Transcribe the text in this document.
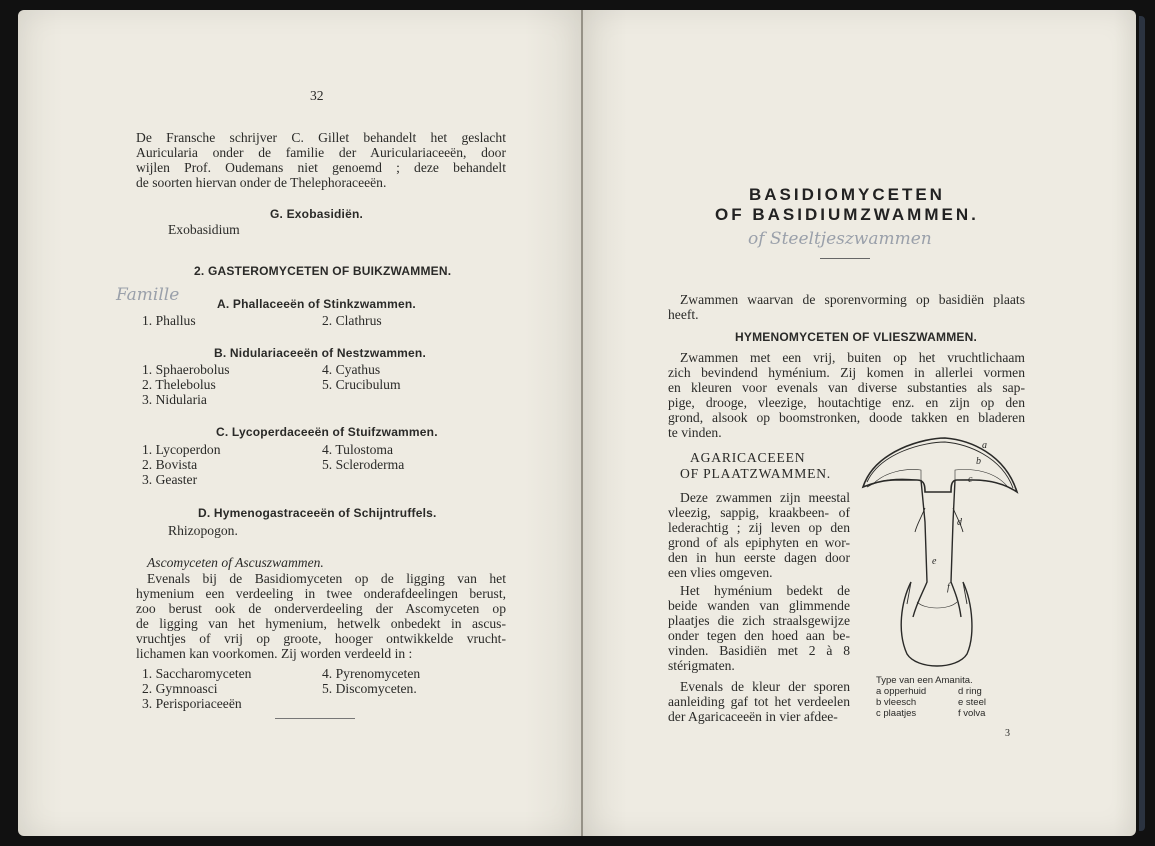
32
De Fransche schrijver C. Gillet behandelt het geslacht
Auricularia onder de familie der Auriculariaceeën, door
wijlen Prof. Oudemans niet genoemd ; deze behandelt
de soorten hiervan onder de Thelephoraceeën.
G. Exobasidiën.
Exobasidium
2. GASTEROMYCETEN OF BUIKZWAMMEN.
Famille	A. Phallaceeën of Stinkzwammen.
1. Phallus	2. Clathrus
B. Nidulariaceeën of Nestzwammen.
1. Sphaerobolus
2. Thelebolus
3. Nidularia
4. Cyathus
5. Crucibulum
C. Lycoperdaceeën of Stuifzwammen.
1. Lycoperdon
2. Bovista
3. Geaster
4. Tulostoma
5. Scleroderma
D. Hymenogastraceeën of Schijntruffels.
Rhizopogon.
Ascomyceten of Ascuszwammen.
Evenals bij de Basidiomyceten op de ligging van het
hymenium een verdeeling in twee onderafdeelingen berust,
zoo berust ook de onderverdeeling der Ascomyceten op
de ligging van het hymenium, hetwelk onbedekt in ascus-
vruchtjes of vrij op groote, hooger ontwikkelde vrucht-
lichamen kan voorkomen. Zij worden verdeeld in :
1. Saccharomyceten
2. Gymnoasci
3. Perisporiaceeën
4. Pyrenomyceten
5. Discomyceten.
BASIDIOMYCETEN
OF BASIDIUMZWAMMEN.
of Steeltjeszwammen
Zwammen waarvan de sporenvorming op basidiën plaats
heeft.
HYMENOMYCETEN OF VLIESZWAMMEN.
Zwammen met een vrij, buiten op het vruchtlichaam
zich bevindend hyménium. Zij komen in allerlei vormen
en kleuren voor evenals van diverse substanties als sap-
pige, drooge, vleezige, houtachtige enz. en zijn op den
grond, alsook op boomstronken, doode takken en bladeren
te vinden.
AGARICACEEEN
OF PLAATZWAMMEN.
Deze zwammen zijn meestal
vleezig, sappig, kraakbeen- of
lederachtig ; zij leven op den
grond of als epiphyten en wor-
den in hun eerste dagen door
een vlies omgeven.
Het hyménium bedekt de
beide wanden van glimmende
plaatjes die zich straalsgewijze
onder tegen den hoed aan be-
vinden. Basidiën met 2 à 8
stérigmaten.
Evenals de kleur der sporen
aanleiding gaf tot het verdeelen
der Agaricaceeën in vier afdee-
a
b
c
d
e
f
Type van een Amanita.
a opperhuid
b vleesch
c plaatjes
d ring
e steel
f volva
3
